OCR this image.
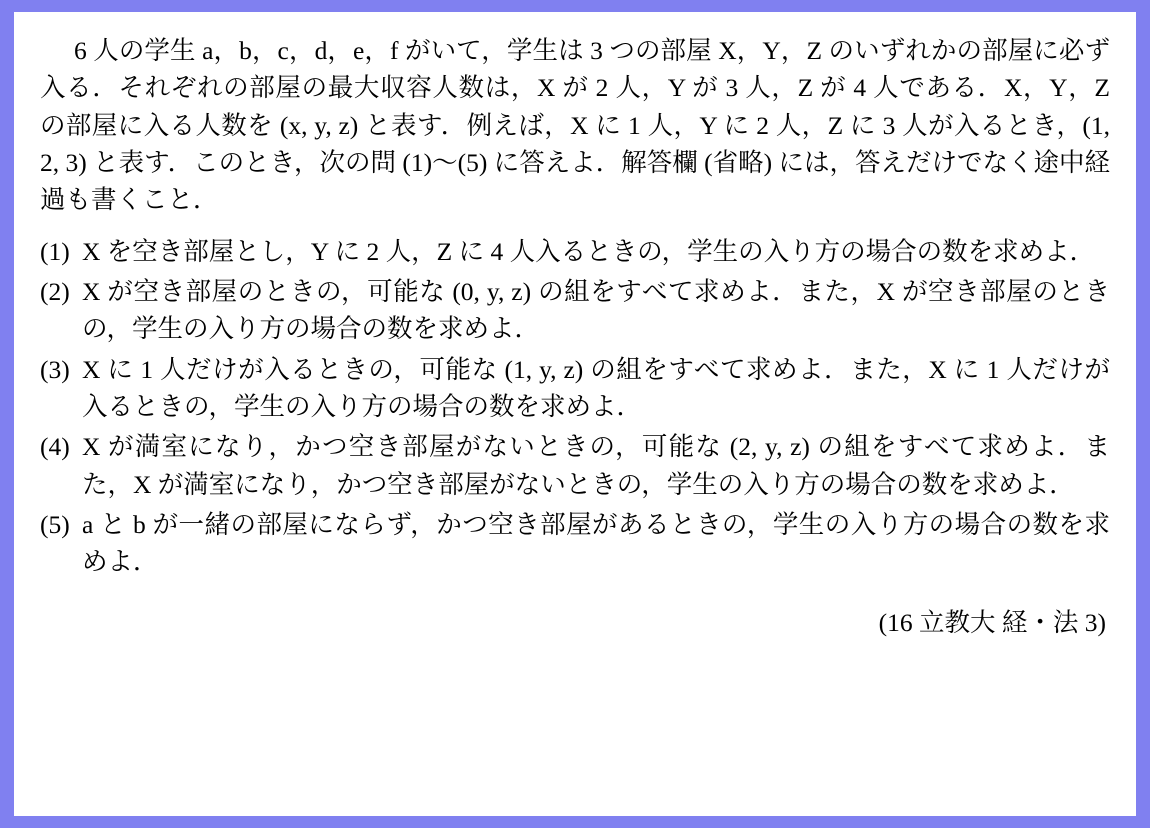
6 人の学生 a，b，c，d，e，f がいて，学生は 3 つの部屋 X，Y，Z のいずれかの部屋に必ず入る．それぞれの部屋の最大収容人数は，X が 2 人，Y が 3 人，Z が 4 人である．X，Y，Z の部屋に入る人数を (x, y, z) と表す．例えば，X に 1 人，Y に 2 人，Z に 3 人が入るとき，(1, 2, 3) と表す．このとき，次の問 (1)〜(5) に答えよ．解答欄 (省略) には，答えだけでなく途中経過も書くこと．

(1) X を空き部屋とし，Y に 2 人，Z に 4 人入るときの，学生の入り方の場合の数を求めよ．
(2) X が空き部屋のときの，可能な (0, y, z) の組をすべて求めよ．また，X が空き部屋のときの，学生の入り方の場合の数を求めよ．
(3) X に 1 人だけが入るときの，可能な (1, y, z) の組をすべて求めよ．また，X に 1 人だけが入るときの，学生の入り方の場合の数を求めよ．
(4) X が満室になり，かつ空き部屋がないときの，可能な (2, y, z) の組をすべて求めよ．また，X が満室になり，かつ空き部屋がないときの，学生の入り方の場合の数を求めよ．
(5) a と b が一緒の部屋にならず，かつ空き部屋があるときの，学生の入り方の場合の数を求めよ．
(16 立教大 経・法 3)
